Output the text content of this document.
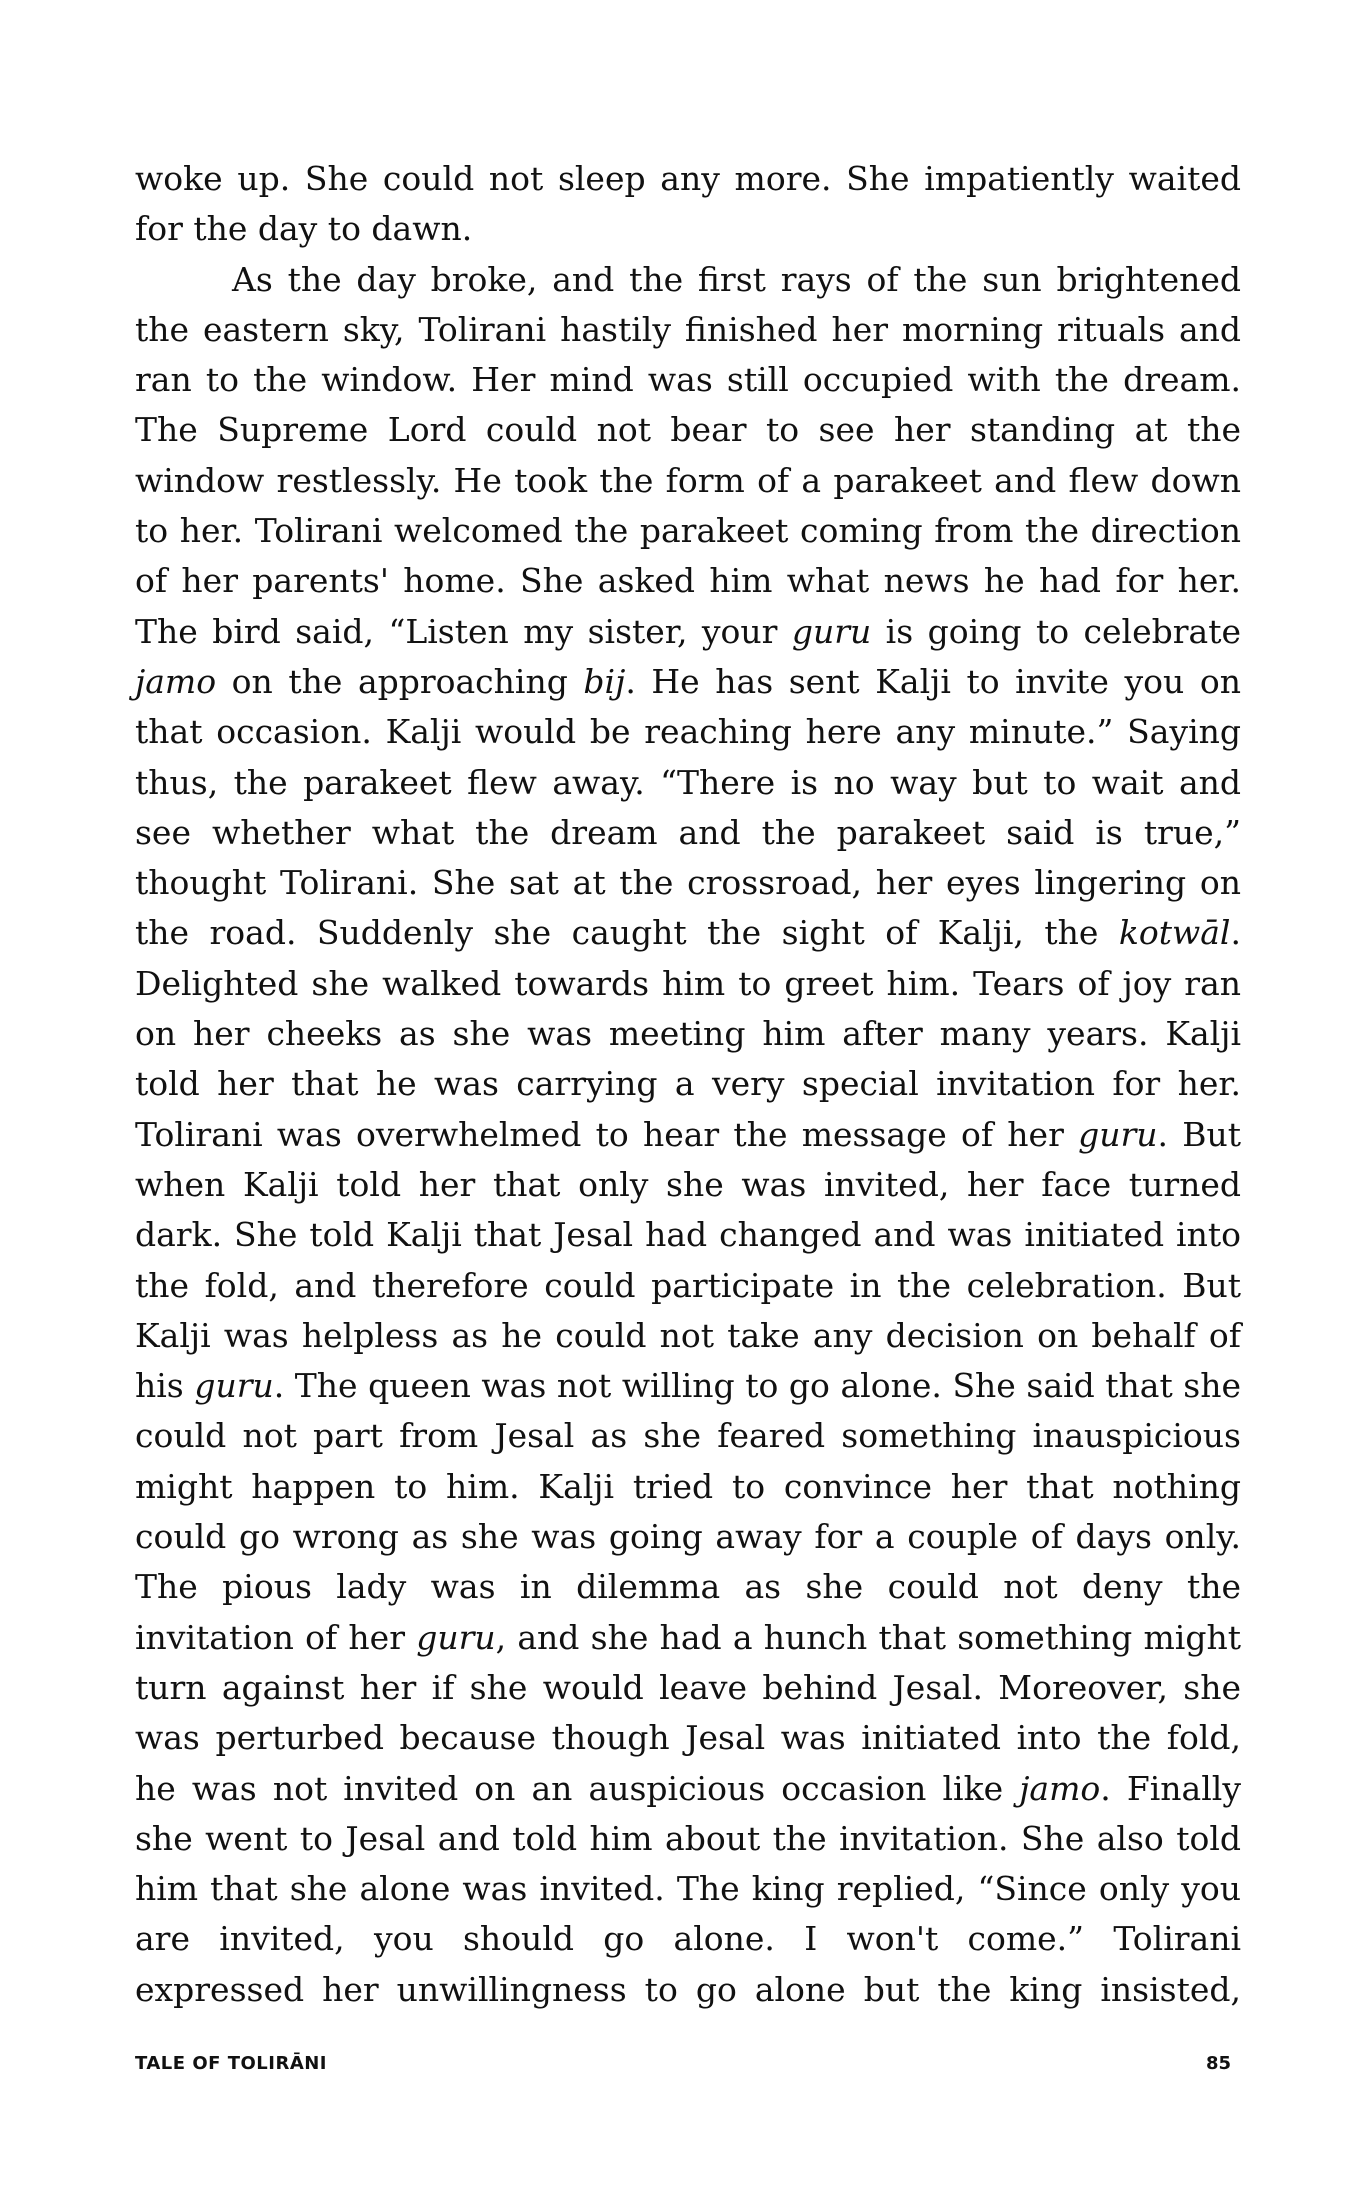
woke up. She could not sleep any more. She impatiently waited for the day to dawn.

As the day broke, and the first rays of the sun brightened the eastern sky, Tolirani hastily finished her morning rituals and ran to the window. Her mind was still occupied with the dream. The Supreme Lord could not bear to see her standing at the window restlessly. He took the form of a parakeet and flew down to her. Tolirani welcomed the parakeet coming from the direction of her parents' home. She asked him what news he had for her. The bird said, “Listen my sister, your guru is going to celebrate jamo on the approaching bij. He has sent Kalji to invite you on that occasion. Kalji would be reaching here any minute.” Saying thus, the parakeet flew away. “There is no way but to wait and see whether what the dream and the parakeet said is true,” thought Tolirani. She sat at the crossroad, her eyes lingering on the road. Suddenly she caught the sight of Kalji, the kotwāl. Delighted she walked towards him to greet him. Tears of joy ran on her cheeks as she was meeting him after many years. Kalji told her that he was carrying a very special invitation for her. Tolirani was overwhelmed to hear the message of her guru. But when Kalji told her that only she was invited, her face turned dark. She told Kalji that Jesal had changed and was initiated into the fold, and therefore could participate in the celebration. But Kalji was helpless as he could not take any decision on behalf of his guru. The queen was not willing to go alone. She said that she could not part from Jesal as she feared something inauspicious might happen to him. Kalji tried to convince her that nothing could go wrong as she was going away for a couple of days only. The pious lady was in dilemma as she could not deny the invitation of her guru, and she had a hunch that something might turn against her if she would leave behind Jesal. Moreover, she was perturbed because though Jesal was initiated into the fold, he was not invited on an auspicious occasion like jamo. Finally she went to Jesal and told him about the invitation. She also told him that she alone was invited. The king replied, “Since only you are invited, you should go alone. I won't come.” Tolirani expressed her unwillingness to go alone but the king insisted,

TALE OF TOLIRĀNI	85
